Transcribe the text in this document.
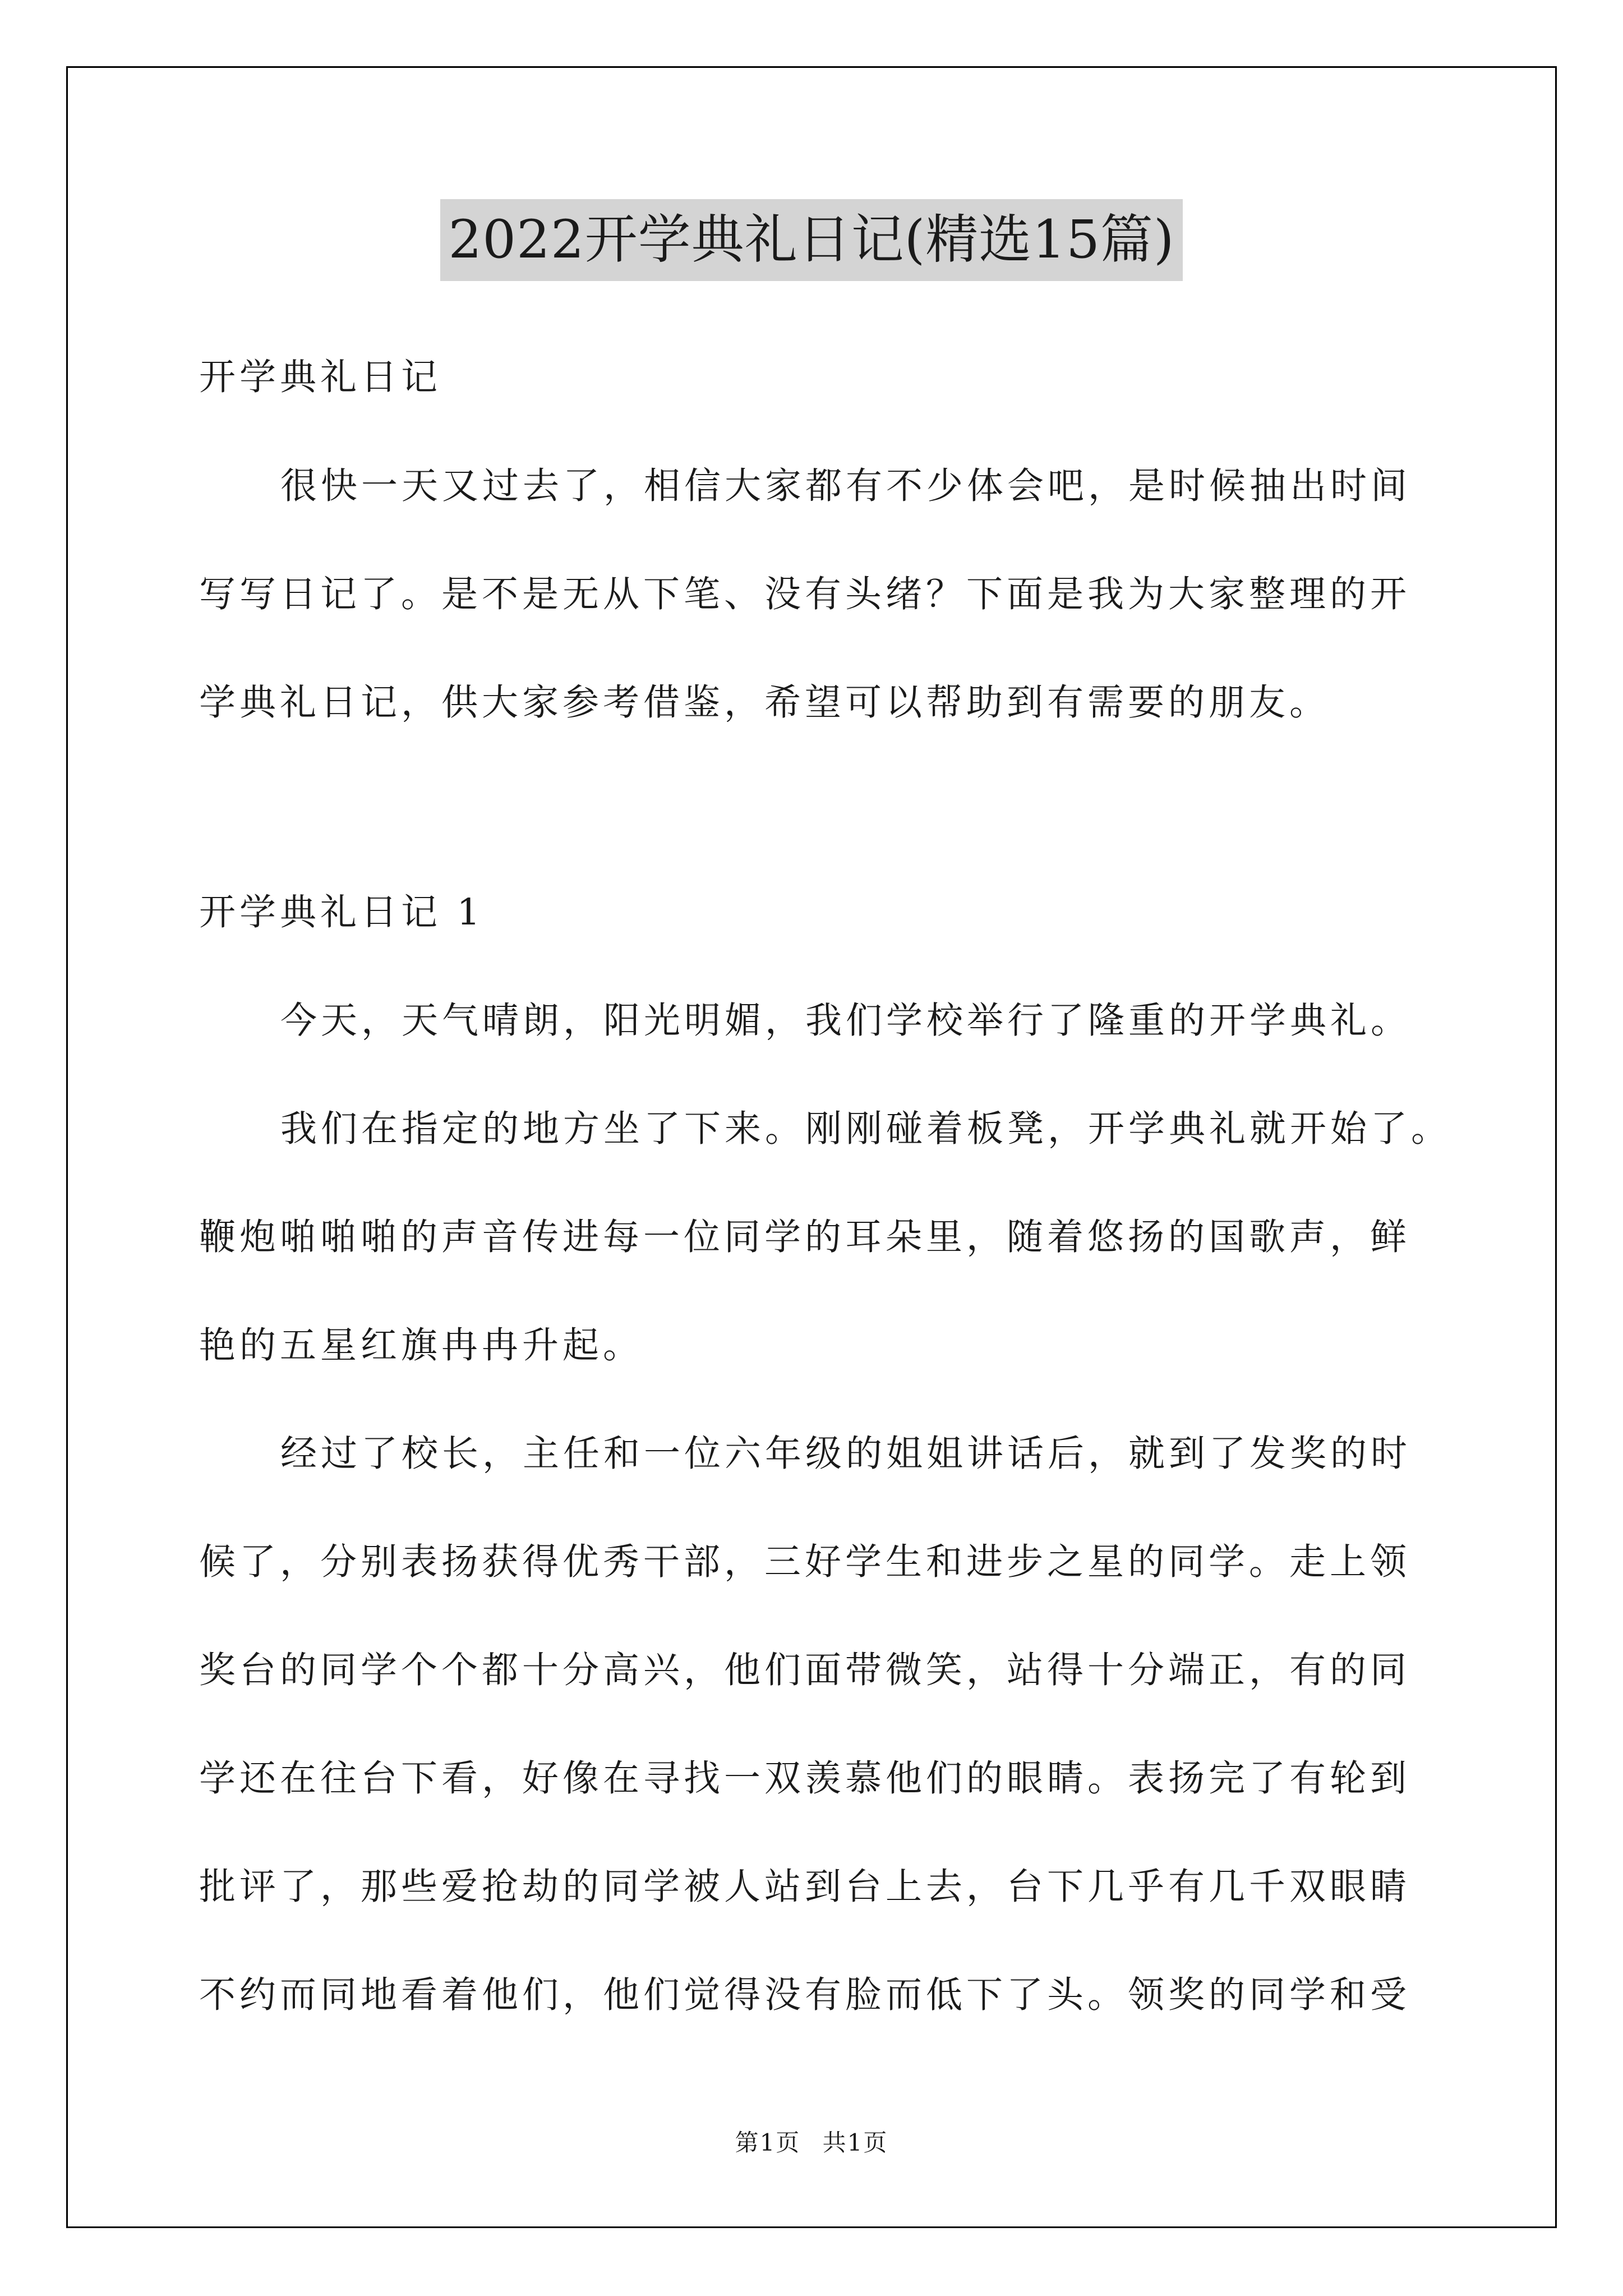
2022开学典礼日记(精选15篇)
开学典礼日记
很快一天又过去了，相信大家都有不少体会吧，是时候抽出时间
写写日记了。是不是无从下笔、没有头绪？下面是我为大家整理的开
学典礼日记，供大家参考借鉴，希望可以帮助到有需要的朋友。
开学典礼日记 1
今天，天气晴朗，阳光明媚，我们学校举行了隆重的开学典礼。
我们在指定的地方坐了下来。刚刚碰着板凳，开学典礼就开始了。
鞭炮啪啪啪的声音传进每一位同学的耳朵里，随着悠扬的国歌声，鲜
艳的五星红旗冉冉升起。
经过了校长，主任和一位六年级的姐姐讲话后，就到了发奖的时
候了，分别表扬获得优秀干部，三好学生和进步之星的同学。走上领
奖台的同学个个都十分高兴，他们面带微笑，站得十分端正，有的同
学还在往台下看，好像在寻找一双羡慕他们的眼睛。表扬完了有轮到
批评了，那些爱抢劫的同学被人站到台上去，台下几乎有几千双眼睛
不约而同地看着他们，他们觉得没有脸而低下了头。领奖的同学和受
第1页 共1页
